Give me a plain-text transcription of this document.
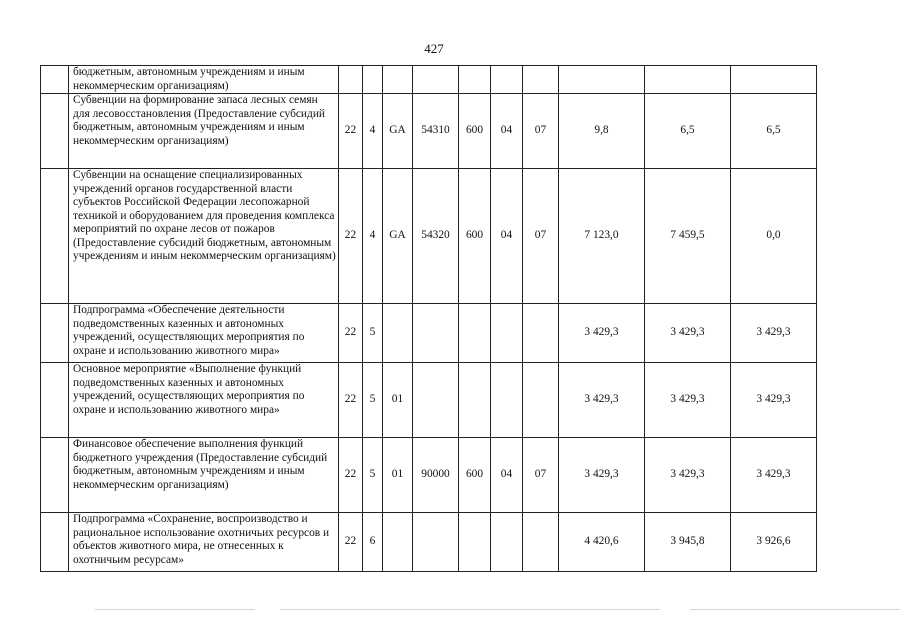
427
	бюджетным, автономным учреждениям и иным некоммерческим организациям)										
	Субвенции на формирование запаса лесных семян для лесовосстановления (Предоставление субсидий бюджетным, автономным учреждениям и иным некоммерческим организациям)	22	4	GA	54310	600	04	07	9,8	6,5	6,5
	Субвенции на оснащение специализированных учреждений органов государственной власти субъектов Российской Федерации лесопожарной техникой и оборудованием для проведения комплекса мероприятий по охране лесов от пожаров (Предоставление субсидий бюджетным, автономным учреждениям и иным некоммерческим организациям)	22	4	GA	54320	600	04	07	7 123,0	7 459,5	0,0
	Подпрограмма «Обеспечение деятельности подведомственных казенных и автономных учреждений, осуществляющих мероприятия по охране и использованию животного мира»	22	5						3 429,3	3 429,3	3 429,3
	Основное мероприятие «Выполнение функций подведомственных казенных и автономных учреждений, осуществляющих мероприятия по охране и использованию животного мира»	22	5	01					3 429,3	3 429,3	3 429,3
	Финансовое обеспечение выполнения функций бюджетного учреждения (Предоставление субсидий бюджетным, автономным учреждениям и иным некоммерческим организациям)	22	5	01	90000	600	04	07	3 429,3	3 429,3	3 429,3
	Подпрограмма «Сохранение, воспроизводство и рациональное использование охотничьих ресурсов и объектов животного мира, не отнесенных к охотничьим ресурсам»	22	6						4 420,6	3 945,8	3 926,6
